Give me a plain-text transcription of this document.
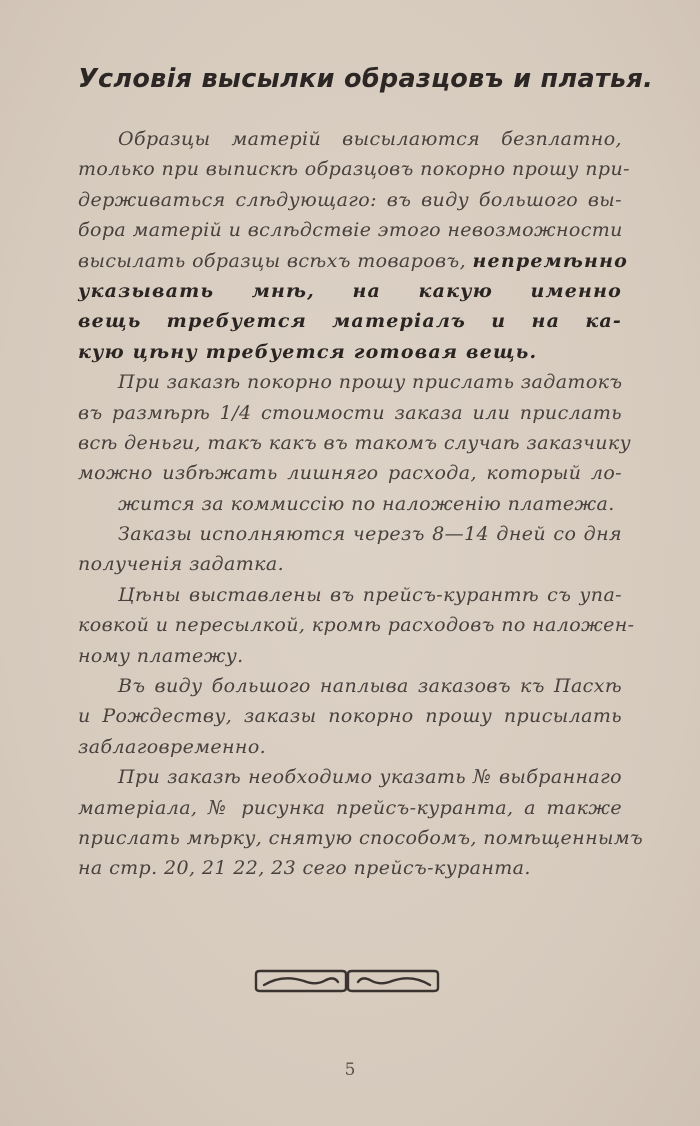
Условія высылки образцовъ и платья.
Образцы матерій высылаются безплатно,
только при выпискѣ образцовъ покорно прошу при-
держиваться слѣдующаго: въ виду большого вы-
бора матерій и вслѣдствіе этого невозможности
высылать образцы всѣхъ товаровъ, непремѣнно
указывать мнѣ, на какую именно
вещь требуется матеріалъ и на ка-
кую цѣну требуется готовая вещь.
При заказѣ покорно прошу прислать задатокъ
въ размѣрѣ 1/4 стоимости заказа или прислать
всѣ деньги, такъ какъ въ такомъ случаѣ заказчику
можно избѣжать лишняго расхода, который ло-
жится за коммиссію по наложенію платежа.
Заказы исполняются черезъ 8—14 дней со дня
полученія задатка.
Цѣны выставлены въ прейсъ-курантѣ съ упа-
ковкой и пересылкой, кромѣ расходовъ по наложен-
ному платежу.
Въ виду большого наплыва заказовъ къ Пасхѣ
и Рождеству, заказы покорно прошу присылать
заблаговременно.
При заказѣ необходимо указать № выбраннаго
матеріала, № рисунка прейсъ-куранта, а также
прислать мѣрку, снятую способомъ, помѣщеннымъ
на стр. 20, 21 22, 23 сего прейсъ-куранта.
5
